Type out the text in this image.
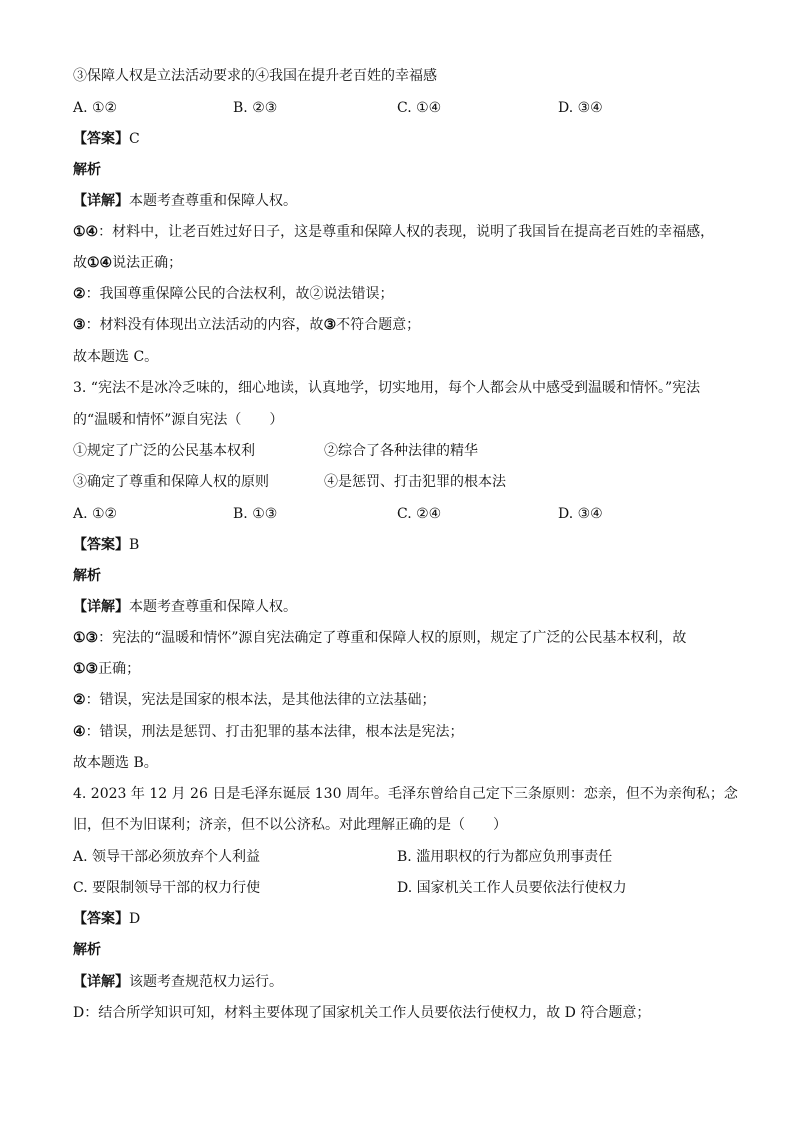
③保障人权是立法活动要求的④我国在提升老百姓的幸福感
A. ①②	B. ②③	C. ①④	D. ③④
【答案】C
解析
【详解】本题考查尊重和保障人权。
①④：材料中，让老百姓过好日子，这是尊重和保障人权的表现，说明了我国旨在提高老百姓的幸福感，
故①④说法正确；
②：我国尊重保障公民的合法权利，故②说法错误；
③：材料没有体现出立法活动的内容，故③不符合题意；
故本题选 C。
3. “宪法不是冰冷乏味的，细心地读，认真地学，切实地用，每个人都会从中感受到温暖和情怀。”宪法
的“温暖和情怀”源自宪法（　　）
①规定了广泛的公民基本权利	②综合了各种法律的精华
③确定了尊重和保障人权的原则	④是惩罚、打击犯罪的根本法
A. ①②	B. ①③	C. ②④	D. ③④
【答案】B
解析
【详解】本题考查尊重和保障人权。
①③：宪法的“温暖和情怀”源自宪法确定了尊重和保障人权的原则，规定了广泛的公民基本权利，故
①③正确；
②：错误，宪法是国家的根本法，是其他法律的立法基础；
④：错误，刑法是惩罚、打击犯罪的基本法律，根本法是宪法；
故本题选 B。
4. 2023 年 12 月 26 日是毛泽东诞辰 130 周年。毛泽东曾给自己定下三条原则：恋亲，但不为亲徇私；念
旧，但不为旧谋利；济亲，但不以公济私。对此理解正确的是（　　）
A. 领导干部必须放弃个人利益	B. 滥用职权的行为都应负刑事责任
C. 要限制领导干部的权力行使	D. 国家机关工作人员要依法行使权力
【答案】D
解析
【详解】该题考查规范权力运行。
D：结合所学知识可知，材料主要体现了国家机关工作人员要依法行使权力，故 D 符合题意；
